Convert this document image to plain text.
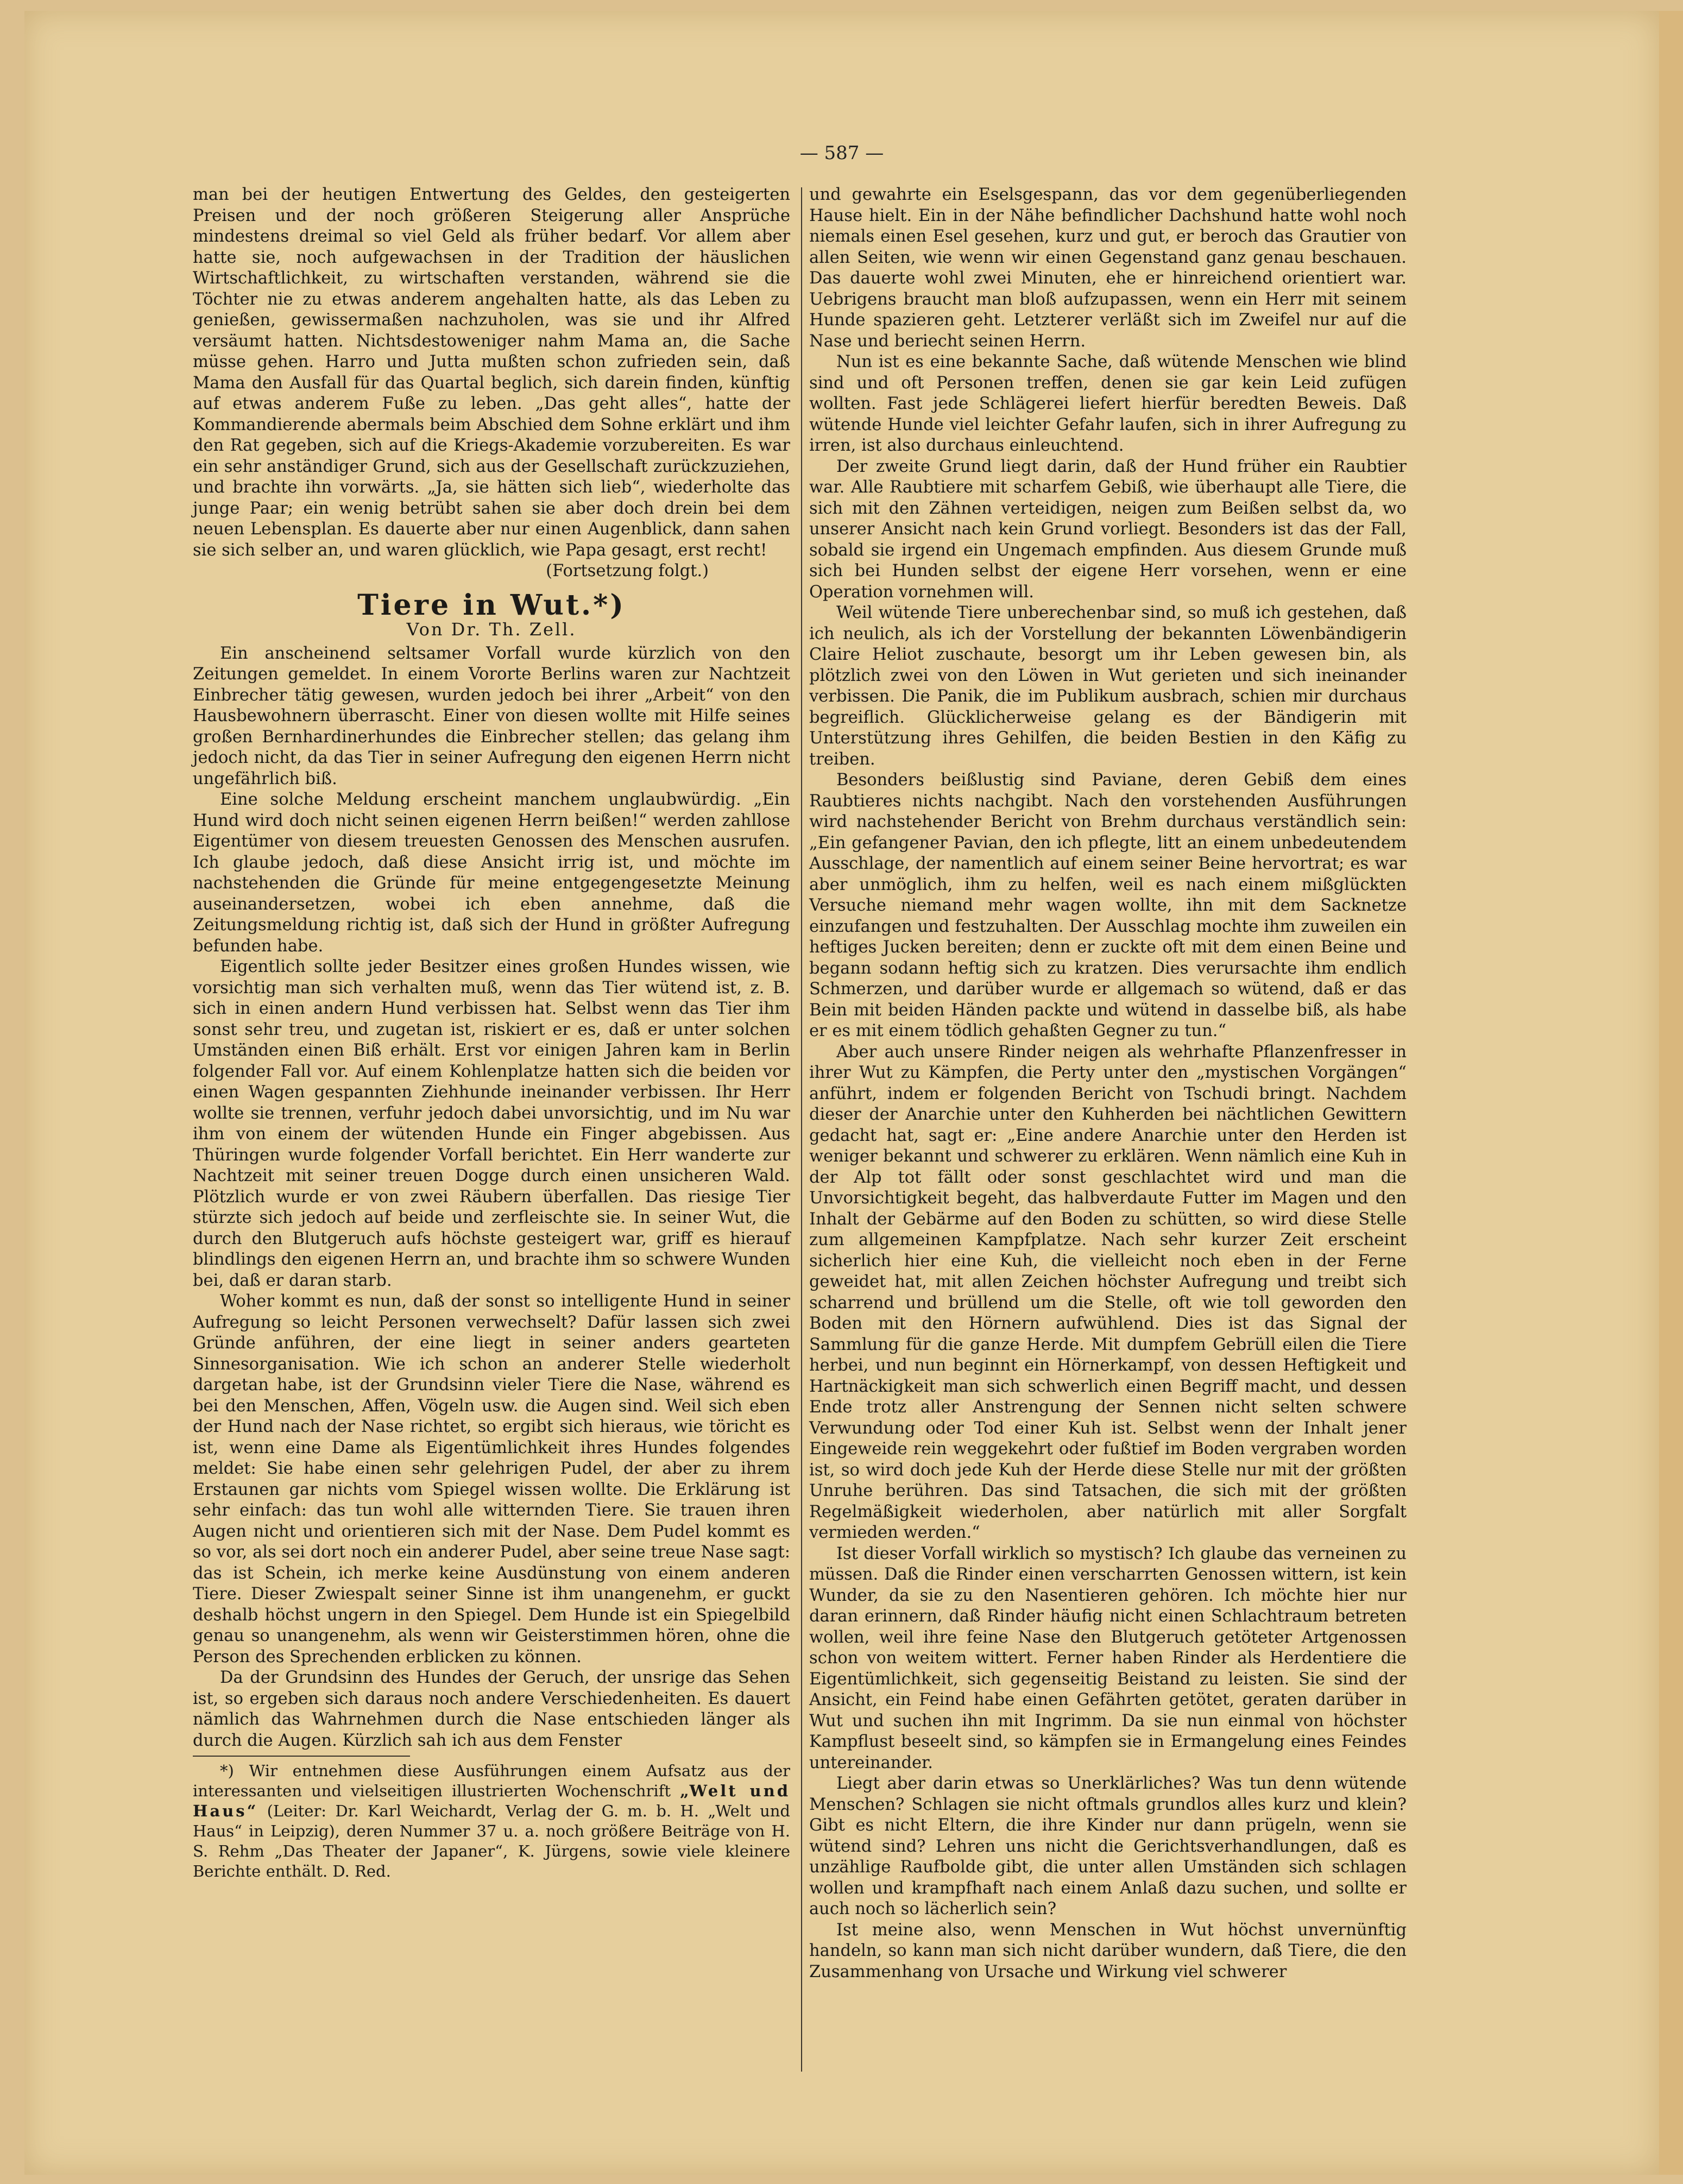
— 587 —

man bei der heutigen Entwertung des Geldes, den gesteigerten Preisen und der noch größeren Steigerung aller Ansprüche mindestens dreimal so viel Geld als früher bedarf. Vor allem aber hatte sie, noch aufgewachsen in der Tradition der häuslichen Wirtschaftlichkeit, zu wirtschaften verstanden, während sie die Töchter nie zu etwas anderem angehalten hatte, als das Leben zu genießen, gewissermaßen nachzuholen, was sie und ihr Alfred versäumt hatten. Nichtsdestoweniger nahm Mama an, die Sache müsse gehen. Harro und Jutta mußten schon zufrieden sein, daß Mama den Ausfall für das Quartal beglich, sich darein finden, künftig auf etwas anderem Fuße zu leben. „Das geht alles“, hatte der Kommandierende abermals beim Abschied dem Sohne erklärt und ihm den Rat gegeben, sich auf die Kriegs-Akademie vorzubereiten. Es war ein sehr anständiger Grund, sich aus der Gesellschaft zurückzuziehen, und brachte ihn vorwärts. „Ja, sie hätten sich lieb“, wiederholte das junge Paar; ein wenig betrübt sahen sie aber doch drein bei dem neuen Lebensplan. Es dauerte aber nur einen Augenblick, dann sahen sie sich selber an, und waren glücklich, wie Papa gesagt, erst recht!

(Fortsetzung folgt.)

Tiere in Wut.*)
Von Dr. Th. Zell.

Ein anscheinend seltsamer Vorfall wurde kürzlich von den Zeitungen gemeldet. In einem Vororte Berlins waren zur Nachtzeit Einbrecher tätig gewesen, wurden jedoch bei ihrer „Arbeit“ von den Hausbewohnern überrascht. Einer von diesen wollte mit Hilfe seines großen Bernhardinerhundes die Einbrecher stellen; das gelang ihm jedoch nicht, da das Tier in seiner Aufregung den eigenen Herrn nicht ungefährlich biß.

Eine solche Meldung erscheint manchem unglaubwürdig. „Ein Hund wird doch nicht seinen eigenen Herrn beißen!“ werden zahllose Eigentümer von diesem treuesten Genossen des Menschen ausrufen. Ich glaube jedoch, daß diese Ansicht irrig ist, und möchte im nachstehenden die Gründe für meine entgegengesetzte Meinung auseinandersetzen, wobei ich eben annehme, daß die Zeitungsmeldung richtig ist, daß sich der Hund in größter Aufregung befunden habe.

Eigentlich sollte jeder Besitzer eines großen Hundes wissen, wie vorsichtig man sich verhalten muß, wenn das Tier wütend ist, z. B. sich in einen andern Hund verbissen hat. Selbst wenn das Tier ihm sonst sehr treu, und zugetan ist, riskiert er es, daß er unter solchen Umständen einen Biß erhält. Erst vor einigen Jahren kam in Berlin folgender Fall vor. Auf einem Kohlenplatze hatten sich die beiden vor einen Wagen gespannten Ziehhunde ineinander verbissen. Ihr Herr wollte sie trennen, verfuhr jedoch dabei unvorsichtig, und im Nu war ihm von einem der wütenden Hunde ein Finger abgebissen. Aus Thüringen wurde folgender Vorfall berichtet. Ein Herr wanderte zur Nachtzeit mit seiner treuen Dogge durch einen unsicheren Wald. Plötzlich wurde er von zwei Räubern überfallen. Das riesige Tier stürzte sich jedoch auf beide und zerfleischte sie. In seiner Wut, die durch den Blutgeruch aufs höchste gesteigert war, griff es hierauf blindlings den eigenen Herrn an, und brachte ihm so schwere Wunden bei, daß er daran starb.

Woher kommt es nun, daß der sonst so intelligente Hund in seiner Aufregung so leicht Personen verwechselt? Dafür lassen sich zwei Gründe anführen, der eine liegt in seiner anders gearteten Sinnesorganisation. Wie ich schon an anderer Stelle wiederholt dargetan habe, ist der Grundsinn vieler Tiere die Nase, während es bei den Menschen, Affen, Vögeln usw. die Augen sind. Weil sich eben der Hund nach der Nase richtet, so ergibt sich hieraus, wie töricht es ist, wenn eine Dame als Eigentümlichkeit ihres Hundes folgendes meldet: Sie habe einen sehr gelehrigen Pudel, der aber zu ihrem Erstaunen gar nichts vom Spiegel wissen wollte. Die Erklärung ist sehr einfach: das tun wohl alle witternden Tiere. Sie trauen ihren Augen nicht und orientieren sich mit der Nase. Dem Pudel kommt es so vor, als sei dort noch ein anderer Pudel, aber seine treue Nase sagt: das ist Schein, ich merke keine Ausdünstung von einem anderen Tiere. Dieser Zwiespalt seiner Sinne ist ihm unangenehm, er guckt deshalb höchst ungern in den Spiegel. Dem Hunde ist ein Spiegelbild genau so unangenehm, als wenn wir Geisterstimmen hören, ohne die Person des Sprechenden erblicken zu können.

Da der Grundsinn des Hundes der Geruch, der unsrige das Sehen ist, so ergeben sich daraus noch andere Verschiedenheiten. Es dauert nämlich das Wahrnehmen durch die Nase entschieden länger als durch die Augen. Kürzlich sah ich aus dem Fenster

*) Wir entnehmen diese Ausführungen einem Aufsatz aus der interessanten und vielseitigen illustrierten Wochenschrift „Welt und Haus“ (Leiter: Dr. Karl Weichardt, Verlag der G. m. b. H. „Welt und Haus“ in Leipzig), deren Nummer 37 u. a. noch größere Beiträge von H. S. Rehm „Das Theater der Japaner“, K. Jürgens, sowie viele kleinere Berichte enthält. D. Red.

und gewahrte ein Eselsgespann, das vor dem gegenüberliegenden Hause hielt. Ein in der Nähe befindlicher Dachshund hatte wohl noch niemals einen Esel gesehen, kurz und gut, er beroch das Grautier von allen Seiten, wie wenn wir einen Gegenstand ganz genau beschauen. Das dauerte wohl zwei Minuten, ehe er hinreichend orientiert war. Uebrigens braucht man bloß aufzupassen, wenn ein Herr mit seinem Hunde spazieren geht. Letzterer verläßt sich im Zweifel nur auf die Nase und beriecht seinen Herrn.

Nun ist es eine bekannte Sache, daß wütende Menschen wie blind sind und oft Personen treffen, denen sie gar kein Leid zufügen wollten. Fast jede Schlägerei liefert hierfür beredten Beweis. Daß wütende Hunde viel leichter Gefahr laufen, sich in ihrer Aufregung zu irren, ist also durchaus einleuchtend.

Der zweite Grund liegt darin, daß der Hund früher ein Raubtier war. Alle Raubtiere mit scharfem Gebiß, wie überhaupt alle Tiere, die sich mit den Zähnen verteidigen, neigen zum Beißen selbst da, wo unserer Ansicht nach kein Grund vorliegt. Besonders ist das der Fall, sobald sie irgend ein Ungemach empfinden. Aus diesem Grunde muß sich bei Hunden selbst der eigene Herr vorsehen, wenn er eine Operation vornehmen will.

Weil wütende Tiere unberechenbar sind, so muß ich gestehen, daß ich neulich, als ich der Vorstellung der bekannten Löwenbändigerin Claire Heliot zuschaute, besorgt um ihr Leben gewesen bin, als plötzlich zwei von den Löwen in Wut gerieten und sich ineinander verbissen. Die Panik, die im Publikum ausbrach, schien mir durchaus begreiflich. Glücklicherweise gelang es der Bändigerin mit Unterstützung ihres Gehilfen, die beiden Bestien in den Käfig zu treiben.

Besonders beißlustig sind Paviane, deren Gebiß dem eines Raubtieres nichts nachgibt. Nach den vorstehenden Ausführungen wird nachstehender Bericht von Brehm durchaus verständlich sein: „Ein gefangener Pavian, den ich pflegte, litt an einem unbedeutendem Ausschlage, der namentlich auf einem seiner Beine hervortrat; es war aber unmöglich, ihm zu helfen, weil es nach einem mißglückten Versuche niemand mehr wagen wollte, ihn mit dem Sacknetze einzufangen und festzuhalten. Der Ausschlag mochte ihm zuweilen ein heftiges Jucken bereiten; denn er zuckte oft mit dem einen Beine und begann sodann heftig sich zu kratzen. Dies verursachte ihm endlich Schmerzen, und darüber wurde er allgemach so wütend, daß er das Bein mit beiden Händen packte und wütend in dasselbe biß, als habe er es mit einem tödlich gehaßten Gegner zu tun.“

Aber auch unsere Rinder neigen als wehrhafte Pflanzenfresser in ihrer Wut zu Kämpfen, die Perty unter den „mystischen Vorgängen“ anführt, indem er folgenden Bericht von Tschudi bringt. Nachdem dieser der Anarchie unter den Kuhherden bei nächtlichen Gewittern gedacht hat, sagt er: „Eine andere Anarchie unter den Herden ist weniger bekannt und schwerer zu erklären. Wenn nämlich eine Kuh in der Alp tot fällt oder sonst geschlachtet wird und man die Unvorsichtigkeit begeht, das halbverdaute Futter im Magen und den Inhalt der Gebärme auf den Boden zu schütten, so wird diese Stelle zum allgemeinen Kampfplatze. Nach sehr kurzer Zeit erscheint sicherlich hier eine Kuh, die vielleicht noch eben in der Ferne geweidet hat, mit allen Zeichen höchster Aufregung und treibt sich scharrend und brüllend um die Stelle, oft wie toll geworden den Boden mit den Hörnern aufwühlend. Dies ist das Signal der Sammlung für die ganze Herde. Mit dumpfem Gebrüll eilen die Tiere herbei, und nun beginnt ein Hörnerkampf, von dessen Heftigkeit und Hartnäckigkeit man sich schwerlich einen Begriff macht, und dessen Ende trotz aller Anstrengung der Sennen nicht selten schwere Verwundung oder Tod einer Kuh ist. Selbst wenn der Inhalt jener Eingeweide rein weggekehrt oder fußtief im Boden vergraben worden ist, so wird doch jede Kuh der Herde diese Stelle nur mit der größten Unruhe berühren. Das sind Tatsachen, die sich mit der größten Regelmäßigkeit wiederholen, aber natürlich mit aller Sorgfalt vermieden werden.“

Ist dieser Vorfall wirklich so mystisch? Ich glaube das verneinen zu müssen. Daß die Rinder einen verscharrten Genossen wittern, ist kein Wunder, da sie zu den Nasentieren gehören. Ich möchte hier nur daran erinnern, daß Rinder häufig nicht einen Schlachtraum betreten wollen, weil ihre feine Nase den Blutgeruch getöteter Artgenossen schon von weitem wittert. Ferner haben Rinder als Herdentiere die Eigentümlichkeit, sich gegenseitig Beistand zu leisten. Sie sind der Ansicht, ein Feind habe einen Gefährten getötet, geraten darüber in Wut und suchen ihn mit Ingrimm. Da sie nun einmal von höchster Kampflust beseelt sind, so kämpfen sie in Ermangelung eines Feindes untereinander.

Liegt aber darin etwas so Unerklärliches? Was tun denn wütende Menschen? Schlagen sie nicht oftmals grundlos alles kurz und klein? Gibt es nicht Eltern, die ihre Kinder nur dann prügeln, wenn sie wütend sind? Lehren uns nicht die Gerichtsverhandlungen, daß es unzählige Raufbolde gibt, die unter allen Umständen sich schlagen wollen und krampfhaft nach einem Anlaß dazu suchen, und sollte er auch noch so lächerlich sein?

Ist meine also, wenn Menschen in Wut höchst unvernünftig handeln, so kann man sich nicht darüber wundern, daß Tiere, die den Zusammenhang von Ursache und Wirkung viel schwerer
